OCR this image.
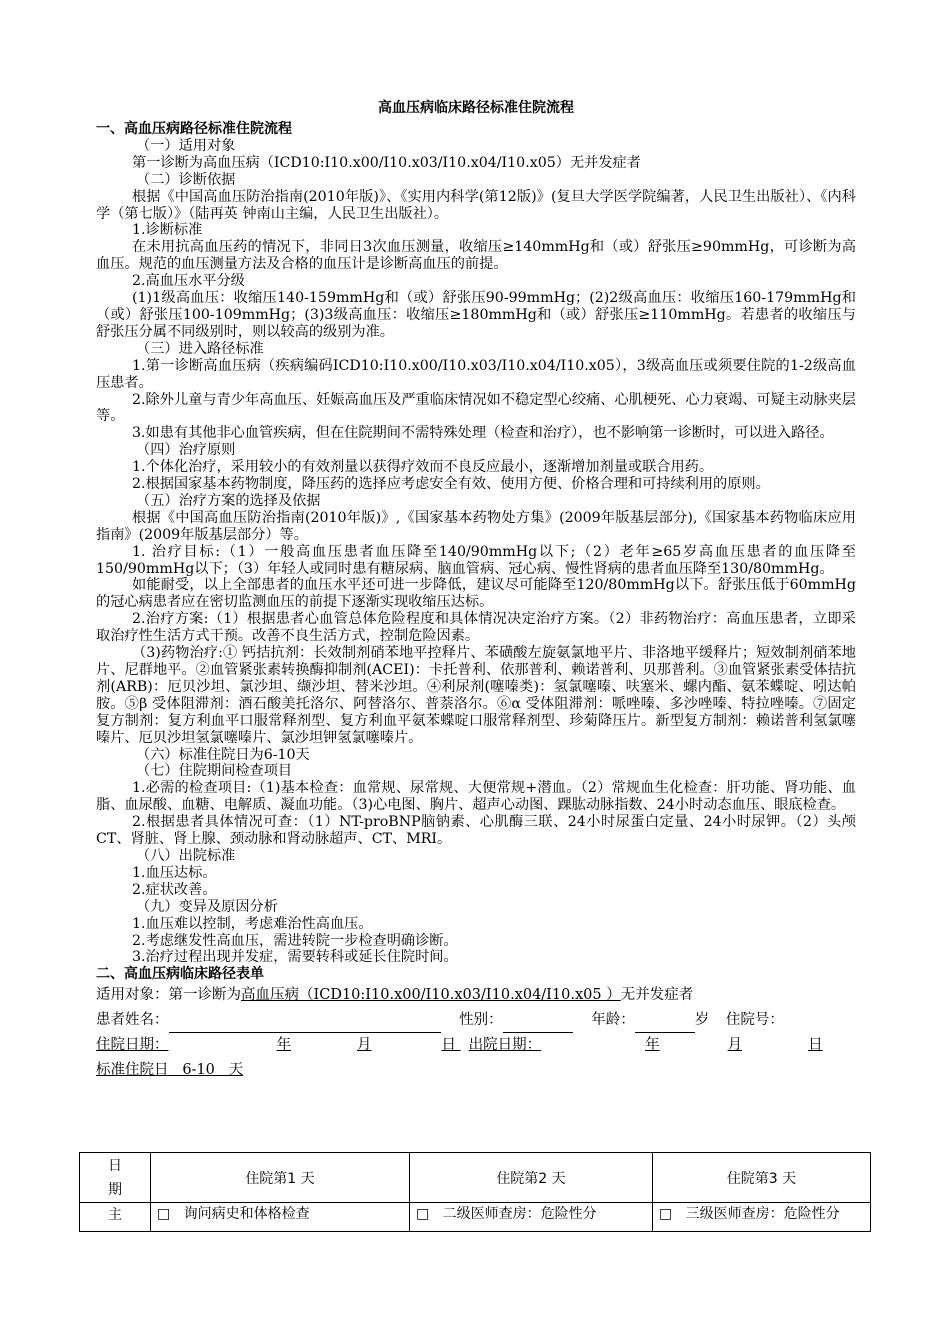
高血压病临床路径标准住院流程
一、高血压病路径标准住院流程
（一）适用对象
第一诊断为高血压病（ICD10:I10.x00/I10.x03/I10.x04/I10.x05）无并发症者
（二）诊断依据
根据《中国高血压防治指南(2010年版)》、《实用内科学(第12版)》(复旦大学医学院编著，人民卫生出版社）、《内科学（第七版）》（陆再英 钟南山主编，人民卫生出版社）。
1.诊断标准
在未用抗高血压药的情况下，非同日3次血压测量，收缩压≥140mmHg和（或）舒张压≥90mmHg，可诊断为高血压。规范的血压测量方法及合格的血压计是诊断高血压的前提。
2.高血压水平分级
(1)1级高血压：收缩压140-159mmHg和（或）舒张压90-99mmHg；(2)2级高血压：收缩压160-179mmHg和（或）舒张压100-109mmHg；(3)3级高血压：收缩压≥180mmHg和（或）舒张压≥110mmHg。若患者的收缩压与舒张压分属不同级别时，则以较高的级别为准。
（三）进入路径标准
1.第一诊断高血压病（疾病编码ICD10:I10.x00/I10.x03/I10.x04/I10.x05），3级高血压或须要住院的1-2级高血压患者。
2.除外儿童与青少年高血压、妊娠高血压及严重临床情况如不稳定型心绞痛、心肌梗死、心力衰竭、可疑主动脉夹层等。
3.如患有其他非心血管疾病，但在住院期间不需特殊处理（检查和治疗），也不影响第一诊断时，可以进入路径。
（四）治疗原则
1.个体化治疗，采用较小的有效剂量以获得疗效而不良反应最小，逐渐增加剂量或联合用药。
2.根据国家基本药物制度，降压药的选择应考虑安全有效、使用方便、价格合理和可持续利用的原则。
（五）治疗方案的选择及依据
根据《中国高血压防治指南(2010年版)》,《国家基本药物处方集》(2009年版基层部分),《国家基本药物临床应用指南》(2009年版基层部分）等。
1. 治疗目标:（1）一般高血压患者血压降至140/90mmHg以下;（2）老年≥65岁高血压患者的血压降至150/90mmHg以下；（3）年轻人或同时患有糖尿病、脑血管病、冠心病、慢性肾病的患者血压降至130/80mmHg。
如能耐受，以上全部患者的血压水平还可进一步降低，建议尽可能降至120/80mmHg以下。舒张压低于60mmHg的冠心病患者应在密切监测血压的前提下逐渐实现收缩压达标。
2.治疗方案:（1）根据患者心血管总体危险程度和具体情况决定治疗方案。（2）非药物治疗：高血压患者，立即采取治疗性生活方式干预。改善不良生活方式，控制危险因素。
（3)药物治疗:① 钙拮抗剂：长效制剂硝苯地平控释片、苯磺酸左旋氨氯地平片、非洛地平缓释片；短效制剂硝苯地片、尼群地平。②血管紧张素转换酶抑制剂(ACEI)：卡托普利、依那普利、赖诺普利、贝那普利。③血管紧张素受体拮抗剂(ARB)：厄贝沙坦、氯沙坦、缬沙坦、替米沙坦。④利尿剂(噻嗪类)：氢氯噻嗪、呋塞米、螺内酯、氨苯蝶啶、吲达帕胺。⑤β 受体阻滞剂：酒石酸美托洛尔、阿替洛尔、普萘洛尔。⑥α 受体阻滞剂：哌唑嗪、多沙唑嗪、特拉唑嗪。⑦固定复方制剂：复方利血平口服常释剂型、复方利血平氨苯蝶啶口服常释剂型、珍菊降压片。新型复方制剂：赖诺普利氢氯噻嗪片、厄贝沙坦氢氯噻嗪片、氯沙坦钾氢氯噻嗪片。
（六）标准住院日为6-10天
（七）住院期间检查项目
1.必需的检查项目:（1)基本检查：血常规、尿常规、大便常规+潜血。（2）常规血生化检查：肝功能、肾功能、血脂、血尿酸、血糖、电解质、凝血功能。（3)心电图、胸片、超声心动图、踝肱动脉指数、24小时动态血压、眼底检查。
2.根据患者具体情况可查：（1）NT-proBNP脑钠素、心肌酶三联、24小时尿蛋白定量、24小时尿钾。（2）头颅CT、肾脏、肾上腺、颈动脉和肾动脉超声、CT、MRI。
（八）出院标准
1.血压达标。
2.症状改善。
（九）变异及原因分析
1.血压难以控制，考虑难治性高血压。
2.考虑继发性高血压，需进转院一步检查明确诊断。
3.治疗过程出现并发症，需要转科或延长住院时间。
二、高血压病临床路径表单
适用对象：第一诊断为高血压病（ICD10:I10.x00/I10.x03/I10.x04/I10.x05 ）无并发症者
患者姓名：	性别：	年龄：	岁 住院号：
住院日期：	年	月	日 出院日期：	年	月	日
标准住院日 6-10 天
日
期	住院第1 天	住院第2 天	住院第3 天
主	□ 询问病史和体格检查	□ 二级医师查房：危险性分	□ 三级医师查房：危险性分
